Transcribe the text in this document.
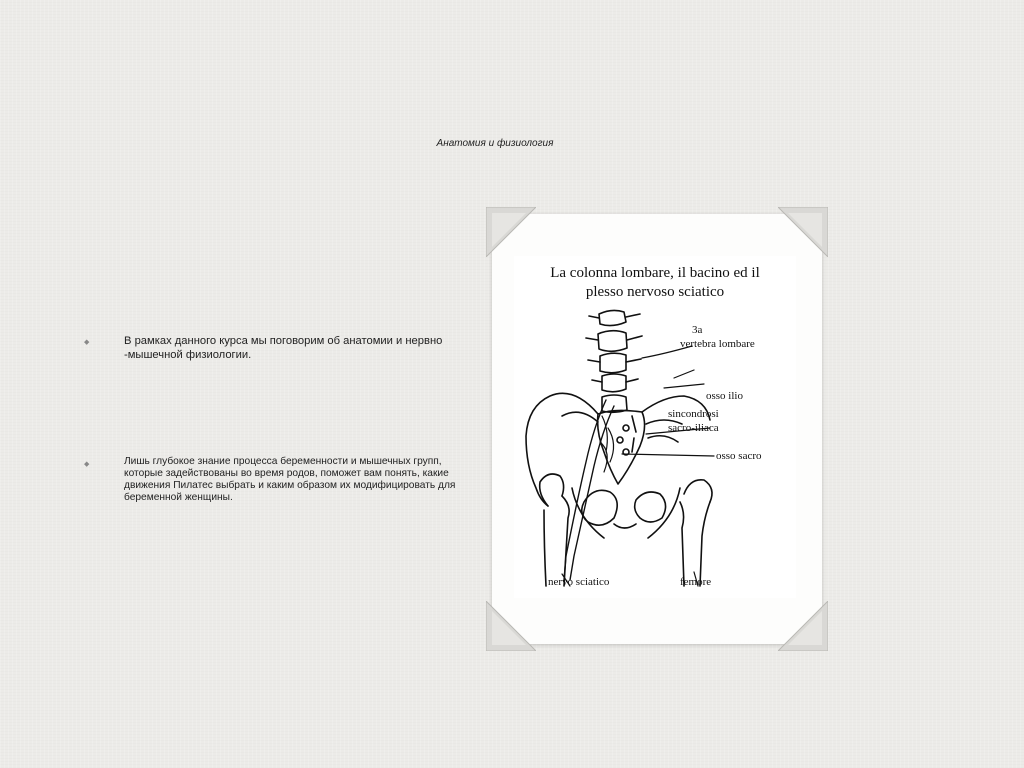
Анатомия и физиология
◆	В рамках данного курса мы поговорим об анатомии и нервно -мышечной физиологии.
◆	Лишь глубокое знание процесса беременности и мышечных групп, которые задействованы во время родов, поможет вам понять, какие движения Пилатес выбрать и каким образом их модифицировать для беременной женщины.
La colonna lombare, il bacino ed il
plesso nervoso sciatico
3a
vertebra lombare
osso ilio
sincondrosi
sacro-iliaca
osso sacro
nervo sciatico	femore
